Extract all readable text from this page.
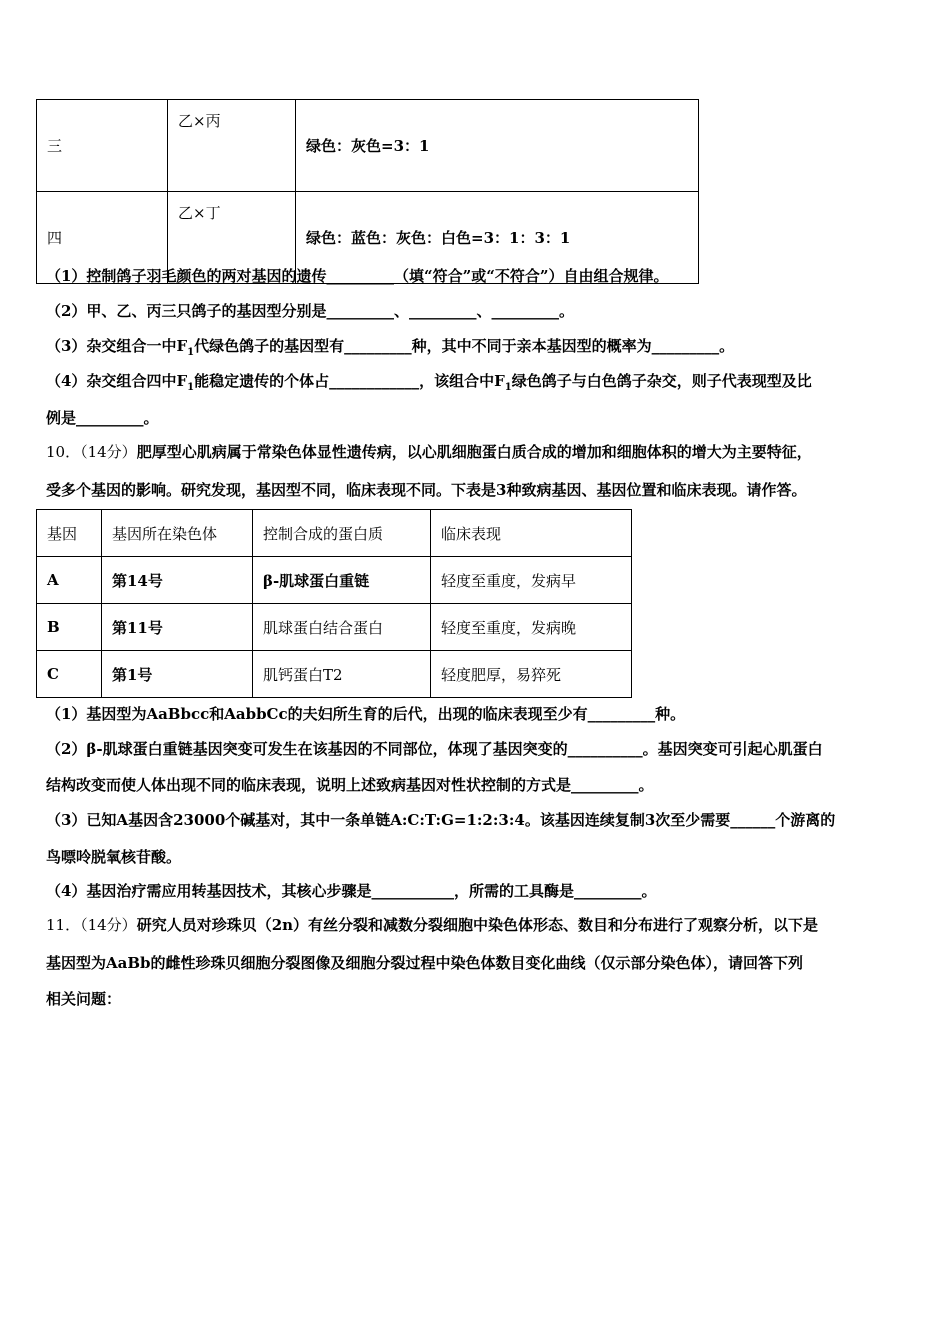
三	乙×丙	绿色：灰色=3：1
四	乙×丁	绿色：蓝色：灰色：白色=3：1：3：1
（1）控制鸽子羽毛颜色的两对基因的遗传_________（填“符合”或“不符合”）自由组合规律。
（2）甲、乙、丙三只鸽子的基因型分别是_________、_________、_________。
（3）杂交组合一中$F_1$代绿色鸽子的基因型有_________种，其中不同于亲本基因型的概率为_________。
（4）杂交组合四中$F_1$能稳定遗传的个体占____________，该组合中$F_1$绿色鸽子与白色鸽子杂交，则子代表现型及比
例是_________。
10．（14分）肥厚型心肌病属于常染色体显性遗传病，以心肌细胞蛋白质合成的增加和细胞体积的增大为主要特征，
受多个基因的影响。研究发现，基因型不同，临床表现不同。下表是3种致病基因、基因位置和临床表现。请作答。
基因	基因所在染色体	控制合成的蛋白质	临床表现
A	第14号	β-肌球蛋白重链	轻度至重度，发病早
B	第11号	肌球蛋白结合蛋白	轻度至重度，发病晚
C	第1号	肌钙蛋白T2	轻度肥厚，易猝死
（1）基因型为AaBbcc和AabbCc的夫妇所生育的后代，出现的临床表现至少有_________种。
（2）β-肌球蛋白重链基因突变可发生在该基因的不同部位，体现了基因突变的__________。基因突变可引起心肌蛋白
结构改变而使人体出现不同的临床表现，说明上述致病基因对性状控制的方式是_________。
（3）已知A基因含23000个碱基对，其中一条单链A:C:T:G=1:2:3:4。该基因连续复制3次至少需要______个游离的
鸟嘌呤脱氧核苷酸。
（4）基因治疗需应用转基因技术，其核心步骤是___________，所需的工具酶是_________。
11．（14分）研究人员对珍珠贝（2n）有丝分裂和减数分裂细胞中染色体形态、数目和分布进行了观察分析，以下是
基因型为AaBb的雌性珍珠贝细胞分裂图像及细胞分裂过程中染色体数目变化曲线（仅示部分染色体），请回答下列
相关问题：
